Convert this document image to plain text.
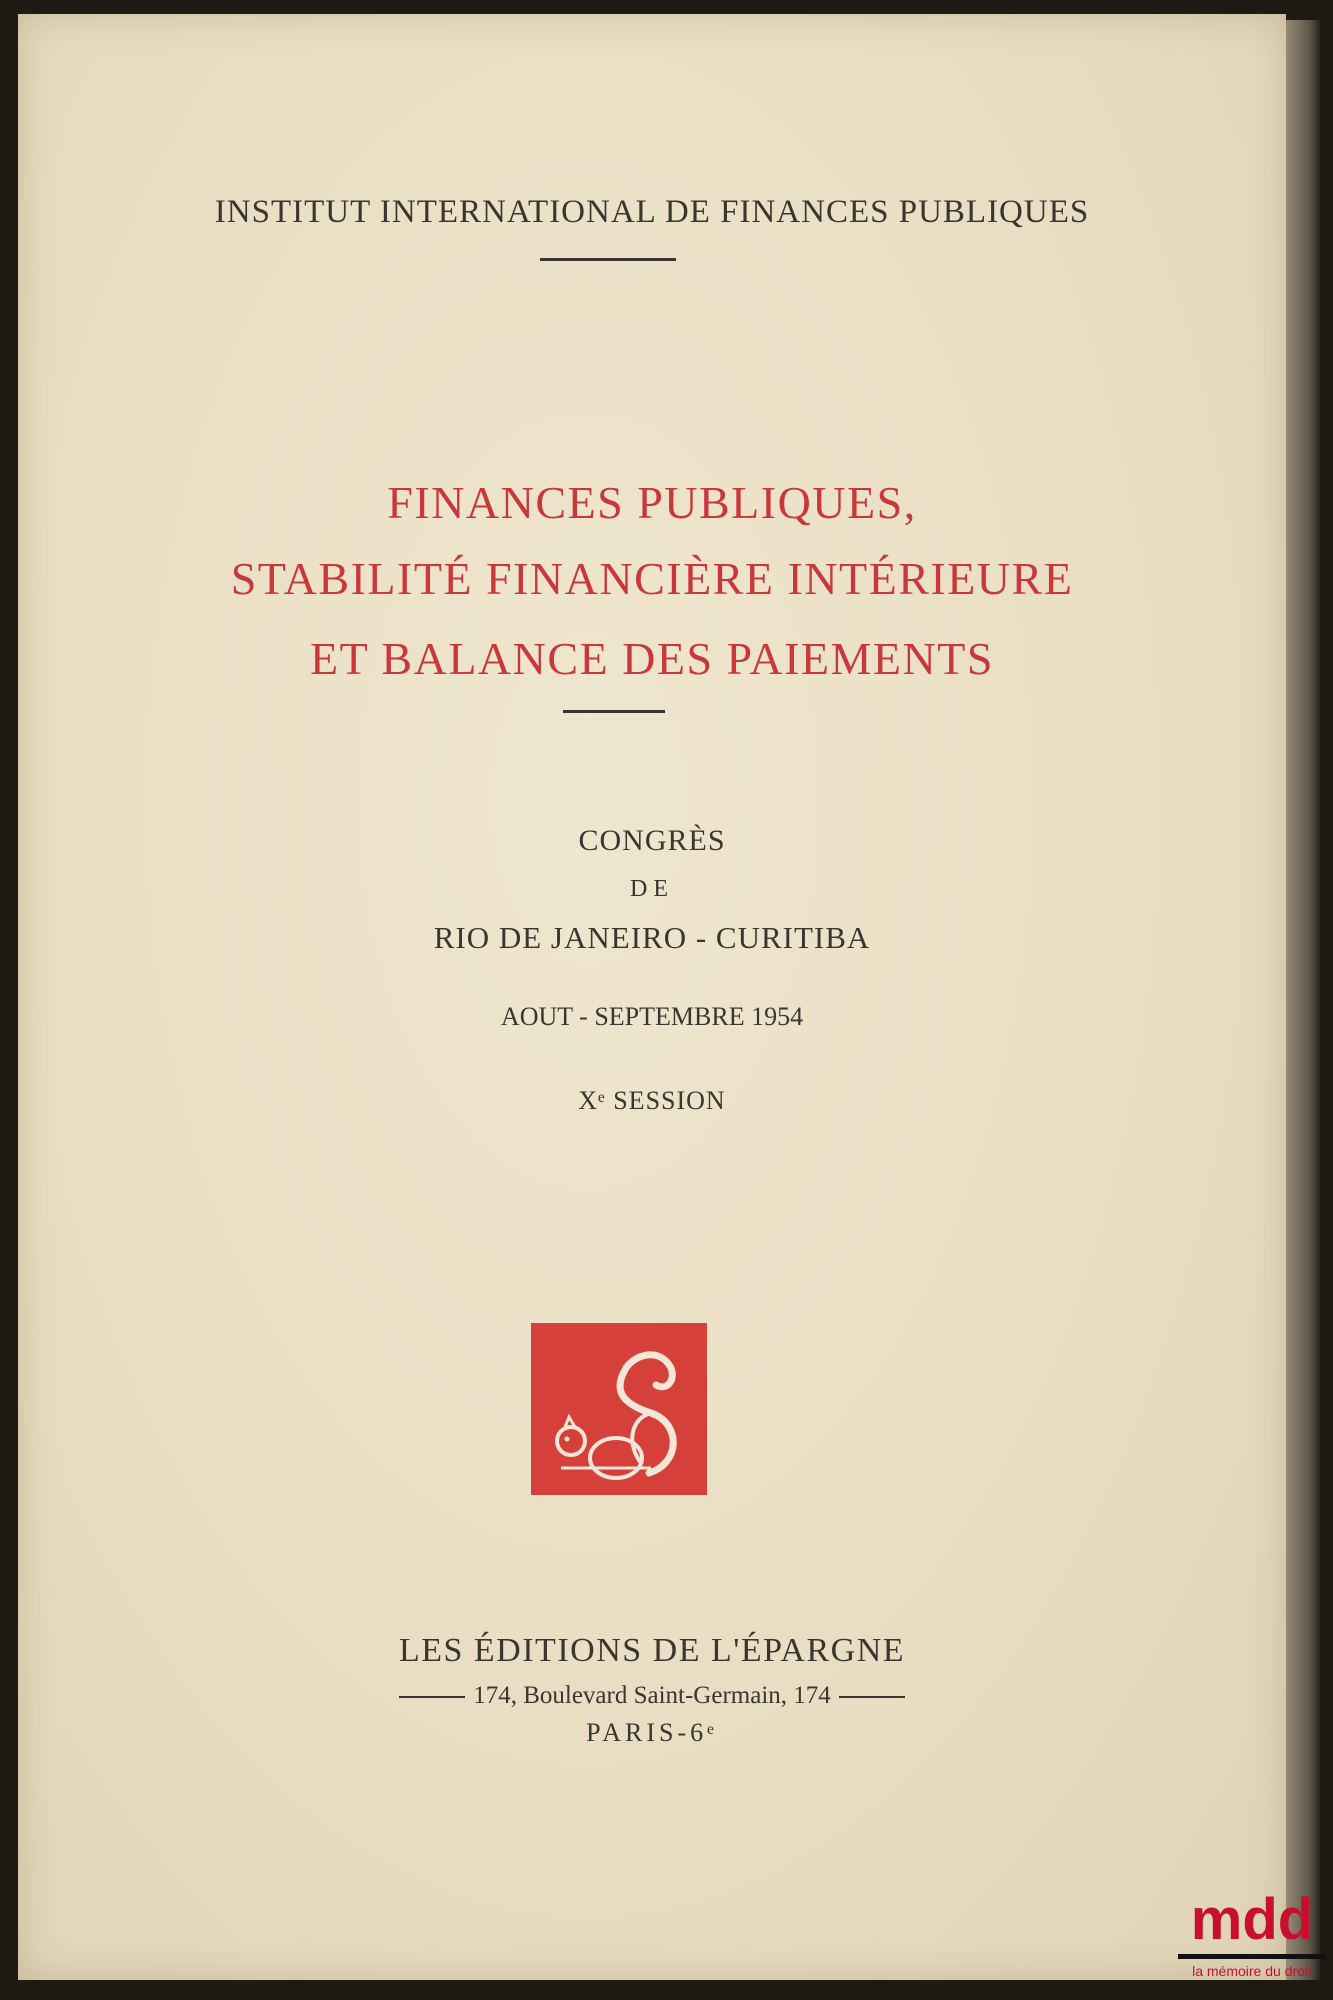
INSTITUT INTERNATIONAL DE FINANCES PUBLIQUES
FINANCES PUBLIQUES,
STABILITÉ FINANCIÈRE INTÉRIEURE
ET BALANCE DES PAIEMENTS
CONGRÈS
DE
RIO DE JANEIRO - CURITIBA
AOUT - SEPTEMBRE 1954
Xᵉ SESSION
LES ÉDITIONS DE L'ÉPARGNE
174, Boulevard Saint-Germain, 174
PARIS-6ᵉ
mdd
la mémoire du droit
